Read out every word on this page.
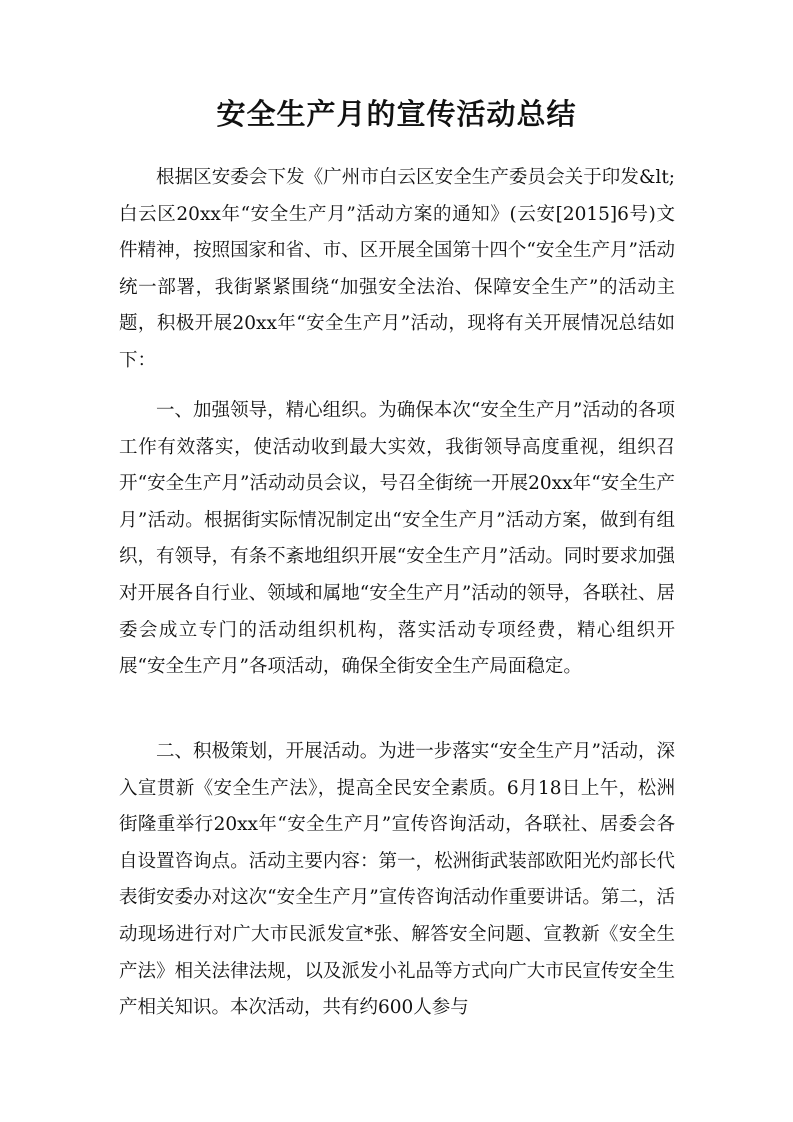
安全生产月的宣传活动总结

根据区安委会下发《广州市白云区安全生产委员会关于印发&lt;白云区20xx年“安全生产月”活动方案的通知》(云安[2015]6号)文件精神，按照国家和省、市、区开展全国第十四个“安全生产月”活动统一部署，我街紧紧围绕“加强安全法治、保障安全生产”的活动主题，积极开展20xx年“安全生产月”活动，现将有关开展情况总结如下：

一、加强领导，精心组织。为确保本次“安全生产月”活动的各项工作有效落实，使活动收到最大实效，我街领导高度重视，组织召开“安全生产月”活动动员会议，号召全街统一开展20xx年“安全生产月”活动。根据街实际情况制定出“安全生产月”活动方案，做到有组织，有领导，有条不紊地组织开展“安全生产月”活动。同时要求加强对开展各自行业、领域和属地“安全生产月”活动的领导，各联社、居委会成立专门的活动组织机构，落实活动专项经费，精心组织开展“安全生产月”各项活动，确保全街安全生产局面稳定。

二、积极策划，开展活动。为进一步落实“安全生产月”活动，深入宣贯新《安全生产法》，提高全民安全素质。6月18日上午，松洲街隆重举行20xx年“安全生产月”宣传咨询活动，各联社、居委会各自设置咨询点。活动主要内容：第一，松洲街武装部欧阳光灼部长代表街安委办对这次“安全生产月”宣传咨询活动作重要讲话。第二，活动现场进行对广大市民派发宣*张、解答安全问题、宣教新《安全生产法》相关法律法规，以及派发小礼品等方式向广大市民宣传安全生产相关知识。本次活动，共有约600人参与
